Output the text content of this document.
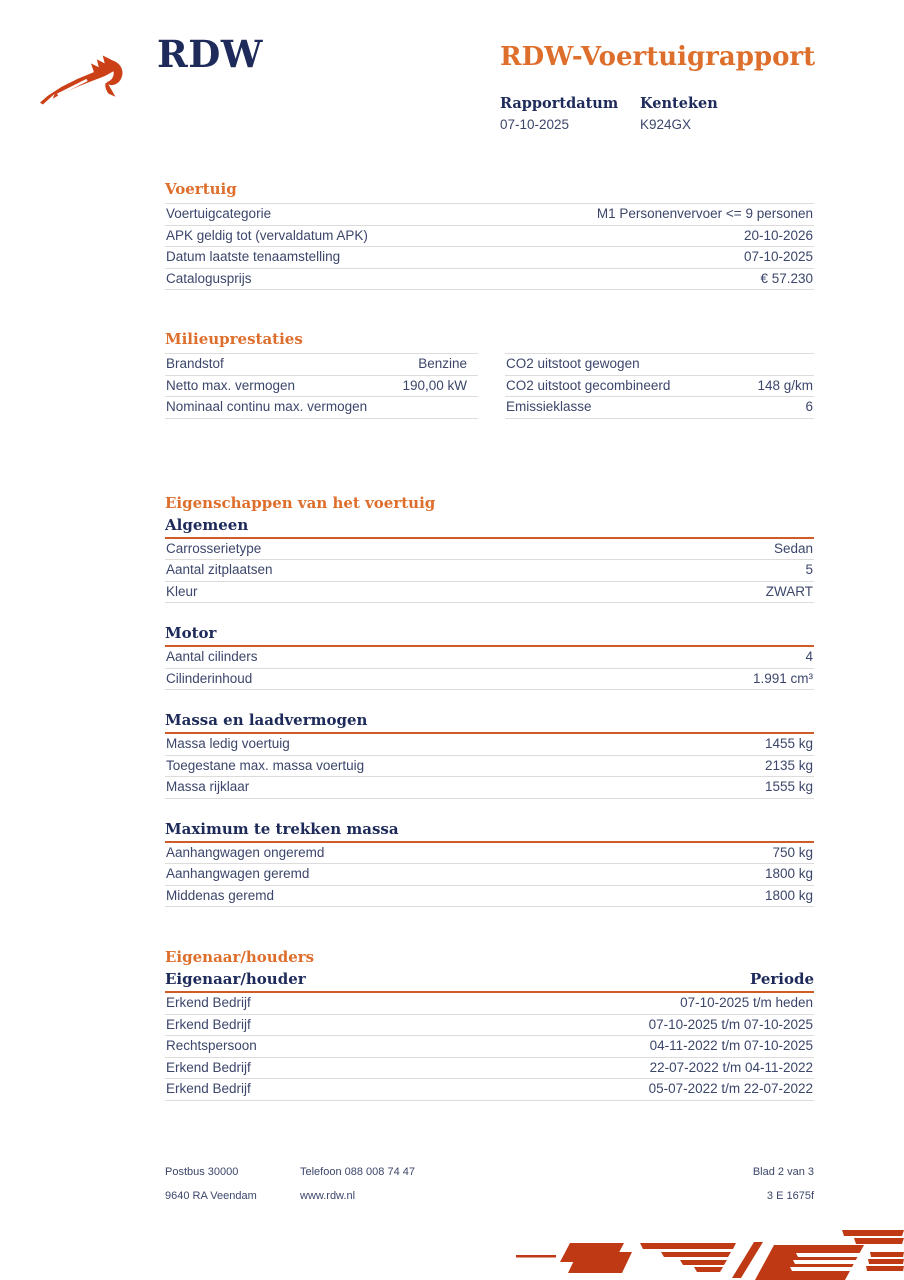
RDW	RDW-Voertuigrapport
Rapportdatum
07-10-2025
Kenteken
K924GX
Voertuig
Voertuigcategorie	M1 Personenvervoer <= 9 personen
APK geldig tot (vervaldatum APK)	20-10-2026
Datum laatste tenaamstelling	07-10-2025
Catalogusprijs	€ 57.230
Milieuprestaties
Brandstof	Benzine
Netto max. vermogen	190,00 kW
Nominaal continu max. vermogen
CO2 uitstoot gewogen
CO2 uitstoot gecombineerd	148 g/km
Emissieklasse	6
Eigenschappen van het voertuig
Algemeen
Carrosserietype	Sedan
Aantal zitplaatsen	5
Kleur	ZWART
Motor
Aantal cilinders	4
Cilinderinhoud	1.991 cm³
Massa en laadvermogen
Massa ledig voertuig	1455 kg
Toegestane max. massa voertuig	2135 kg
Massa rijklaar	1555 kg
Maximum te trekken massa
Aanhangwagen ongeremd	750 kg
Aanhangwagen geremd	1800 kg
Middenas geremd	1800 kg
Eigenaar/houders
Eigenaar/houder	Periode
Erkend Bedrijf	07-10-2025 t/m heden
Erkend Bedrijf	07-10-2025 t/m 07-10-2025
Rechtspersoon	04-11-2022 t/m 07-10-2025
Erkend Bedrijf	22-07-2022 t/m 04-11-2022
Erkend Bedrijf	05-07-2022 t/m 22-07-2022
Postbus 30000	Telefoon 088 008 74 47	Blad 2 van 3
9640 RA Veendam	www.rdw.nl	3 E 1675f
